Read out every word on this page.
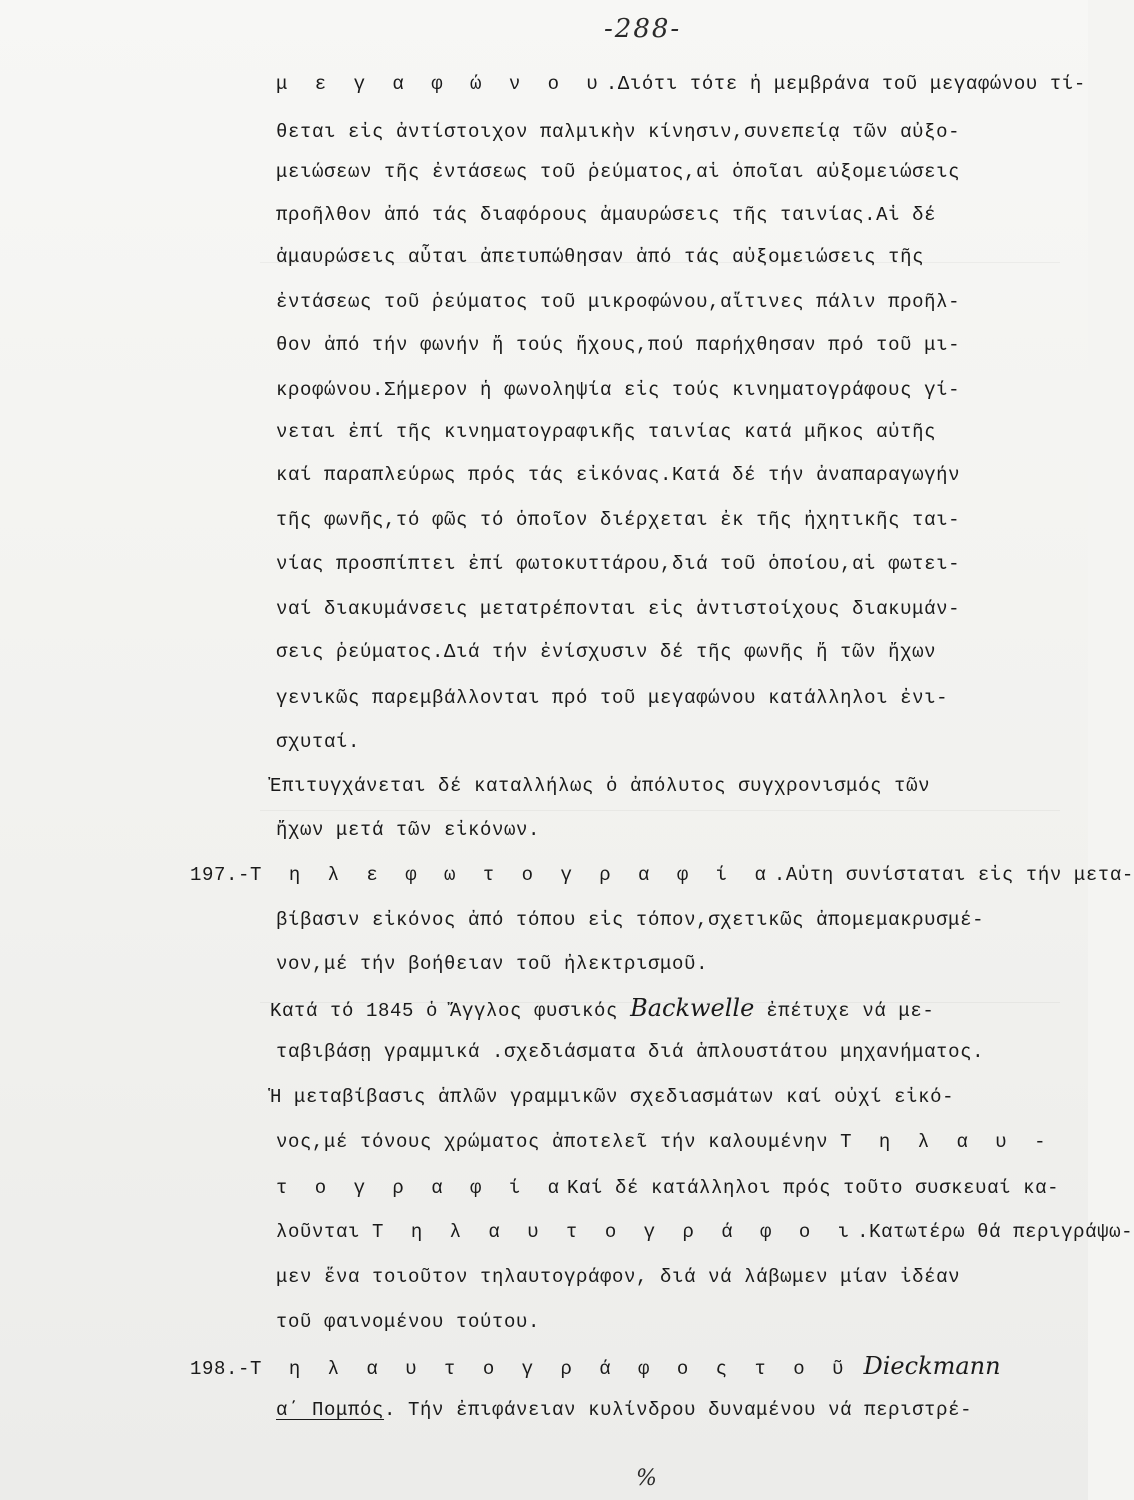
-288-
μ ε γ α φ ώ ν ο υ.Διότι τότε ἡ μεμβράνα τοῦ μεγαφώνου τί-
θεται εἰς ἀντίστοιχον παλμικὴν κίνησιν,συνεπείᾳ τῶν αὐξο-
μειώσεων τῆς ἐντάσεως τοῦ ῥεύματος,αἱ ὁποῖαι αὐξομειώσεις
προῆλθον ἀπό τάς διαφόρους ἀμαυρώσεις τῆς ταινίας.Αἱ δέ
ἀμαυρώσεις αὗται ἀπετυπώθησαν ἀπό τάς αὐξομειώσεις τῆς
ἐντάσεως τοῦ ῥεύματος τοῦ μικροφώνου,αἵτινες πάλιν προῆλ-
θον ἀπό τήν φωνήν ἤ τούς ἤχους,πού παρήχθησαν πρό τοῦ μι-
κροφώνου.Σήμερον ἡ φωνοληψία εἰς τούς κινηματογράφους γί-
νεται ἐπί τῆς κινηματογραφικῆς ταινίας κατά μῆκος αὐτῆς
καί παραπλεύρως πρός τάς εἰκόνας.Κατά δέ τήν ἀναπαραγωγήν
τῆς φωνῆς,τό φῶς τό ὁποῖον διέρχεται ἐκ τῆς ἠχητικῆς ται-
νίας προσπίπτει ἐπί φωτοκυττάρου,διά τοῦ ὁποίου,αἱ φωτει-
ναί διακυμάνσεις μετατρέπονται εἰς ἀντιστοίχους διακυμάν-
σεις ῥεύματος.Διά τήν ἐνίσχυσιν δέ τῆς φωνῆς ἤ τῶν ἤχων
γενικῶς παρεμβάλλονται πρό τοῦ μεγαφώνου κατάλληλοι ἐνι-
σχυταί.
Ἐπιτυγχάνεται δέ καταλλήλως ὁ ἀπόλυτος συγχρονισμός τῶν
ἤχων μετά τῶν εἰκόνων.
197.-Τ η λ ε φ ω τ ο γ ρ α φ ί α.Αὐτη συνίσταται εἰς τήν μετα-
βίβασιν εἰκόνος ἀπό τόπου εἰς τόπον,σχετικῶς ἀπομεμακρυσμέ-
νον,μέ τήν βοήθειαν τοῦ ἠλεκτρισμοῦ.
Κατά τό 1845 ὁ Ἄγγλος φυσικός Backwelle ἐπέτυχε νά με-
ταβιβάσῃ γραμμικά .σχεδιάσματα διά ἁπλουστάτου μηχανήματος.
Ἡ μεταβίβασις ἁπλῶν γραμμικῶν σχεδιασμάτων καί οὐχί εἰκό-
νος,μέ τόνους χρώματος ἀποτελεῖ τήν καλουμένην Τ η λ α υ -
τ ο γ ρ α φ ί αΚαί δέ κατάλληλοι πρός τοῦτο συσκευαί κα-
λοῦνται Τ η λ α υ τ ο γ ρ ά φ ο ι.Κατωτέρω θά περιγράψω-
μεν ἕνα τοιοῦτον τηλαυτογράφον, διά νά λάβωμεν μίαν ἰδέαν
τοῦ φαινομένου τούτου.
198.-Τ η λ α υ τ ο γ ρ ά φ ο ς τ ο ῦ Dieckmann
α΄ Πομπός. Τήν ἐπιφάνειαν κυλίνδρου δυναμένου νά περιστρέ-
%
